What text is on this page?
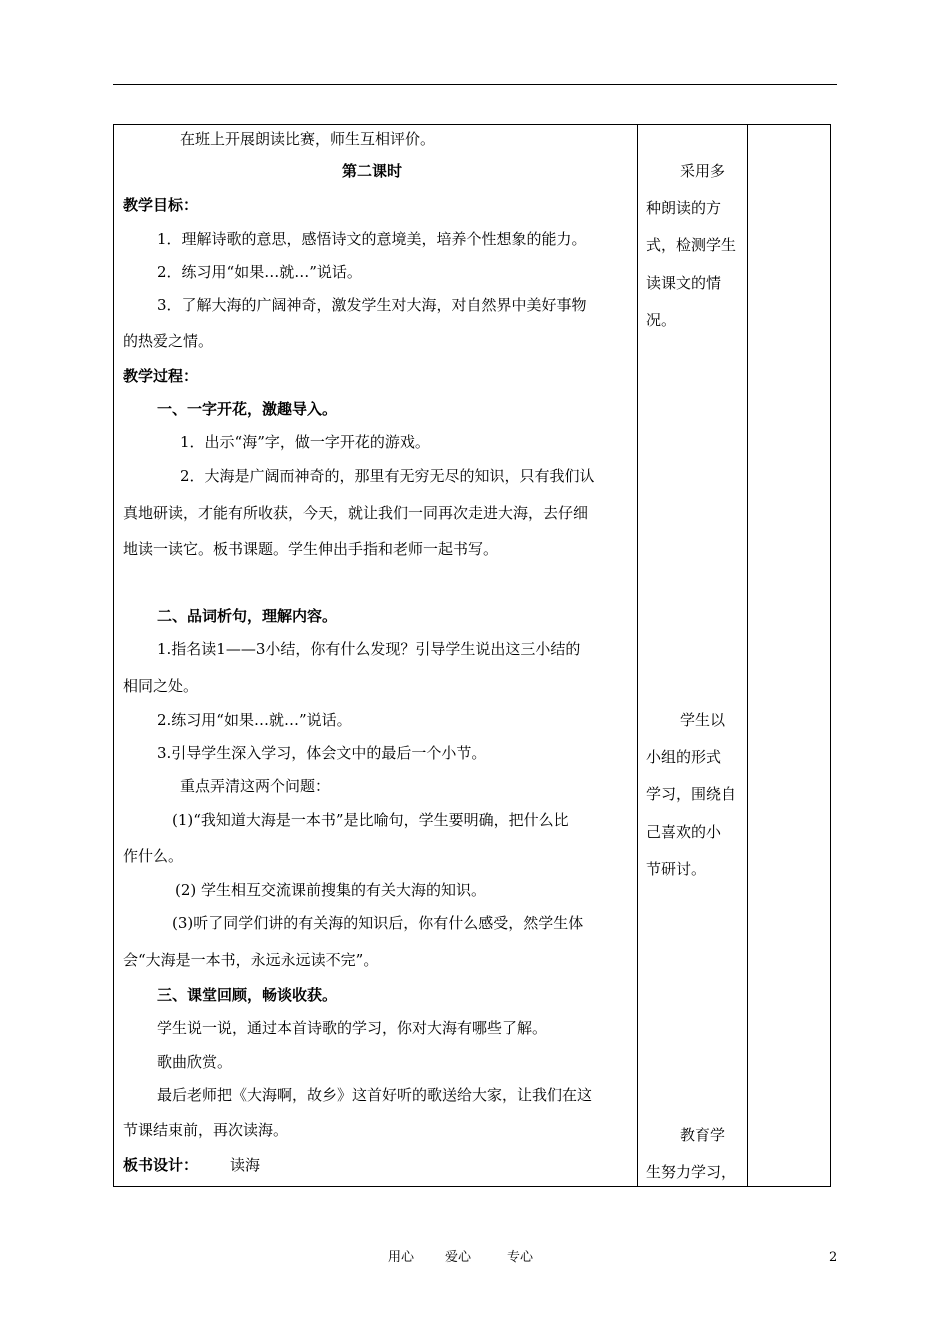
在班上开展朗读比赛，师生互相评价。
第二课时
教学目标：
1．理解诗歌的意思，感悟诗文的意境美，培养个性想象的能力。
2．练习用“如果…就…”说话。
3．了解大海的广阔神奇，激发学生对大海，对自然界中美好事物
的热爱之情。
教学过程：
一、一字开花，激趣导入。
1．出示“海”字，做一字开花的游戏。
2．大海是广阔而神奇的，那里有无穷无尽的知识，只有我们认
真地研读，才能有所收获，今天，就让我们一同再次走进大海，去仔细
地读一读它。板书课题。学生伸出手指和老师一起书写。
二、品词析句，理解内容。
1.指名读1——3小结，你有什么发现？引导学生说出这三小结的
相同之处。
2.练习用“如果…就…”说话。
3.引导学生深入学习，体会文中的最后一个小节。
重点弄清这两个问题：
(1)“我知道大海是一本书”是比喻句，学生要明确，把什么比
作什么。
(2) 学生相互交流课前搜集的有关大海的知识。
(3)听了同学们讲的有关海的知识后，你有什么感受，然学生体
会“大海是一本书，永远永远读不完”。
三、课堂回顾，畅谈收获。
学生说一说，通过本首诗歌的学习，你对大海有哪些了解。
歌曲欣赏。
最后老师把《大海啊，故乡》这首好听的歌送给大家，让我们在这
节课结束前，再次读海。
板书设计： 读海
采用多
种朗读的方
式，检测学生
读课文的情
况。
学生以
小组的形式
学习，围绕自
己喜欢的小
节研讨。
教育学
生努力学习，
用心 爱心	专心	2
